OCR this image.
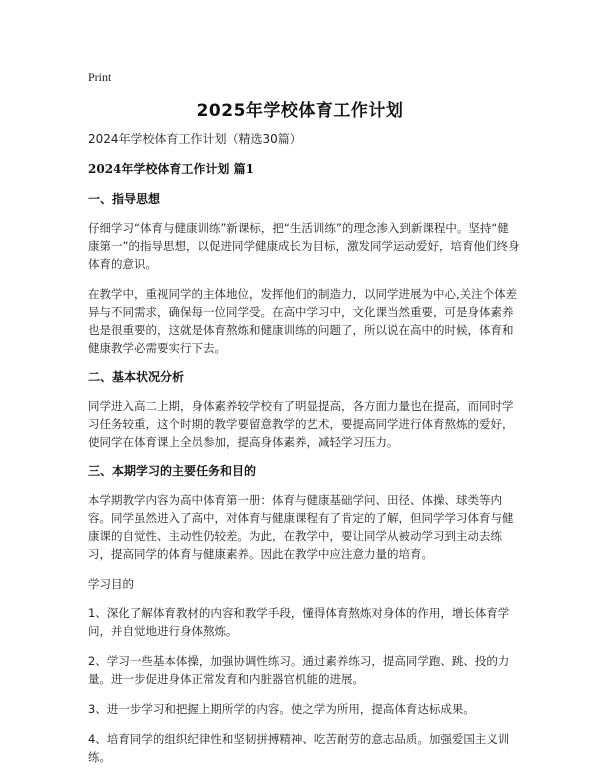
Print
2025年学校体育工作计划

2024年学校体育工作计划（精选30篇）

2024年学校体育工作计划 篇1

一、指导思想

仔细学习“体育与健康训练”新课标，把“生活训练”的理念渗入到新课程中。坚持“健康第一”的指导思想，以促进同学健康成长为目标，激发同学运动爱好，培育他们终身体育的意识。

在教学中，重视同学的主体地位，发挥他们的制造力，以同学进展为中心,关注个体差异与不同需求，确保每一位同学受。在高中学习中，文化课当然重要，可是身体素养也是很重要的，这就是体育熬炼和健康训练的问题了，所以说在高中的时候，体育和健康教学必需要实行下去。

二、基本状况分析

同学进入高二上期，身体素养较学校有了明显提高，各方面力量也在提高，而同时学习任务较重，这个时期的教学要留意教学的艺术，要提高同学进行体育熬炼的爱好，使同学在体育课上全员参加，提高身体素养，减轻学习压力。

三、本期学习的主要任务和目的

本学期教学内容为高中体育第一册：体育与健康基础学问、田径、体操、球类等内容。同学虽然进入了高中，对体育与健康课程有了肯定的了解，但同学学习体育与健康课的自觉性、主动性仍较差。为此，在教学中，要让同学从被动学习到主动去练习，提高同学的体育与健康素养。因此在教学中应注意力量的培育。

学习目的

1、深化了解体育教材的内容和教学手段，懂得体育熬炼对身体的作用，增长体育学问，并自觉地进行身体熬炼。

2、学习一些基本体操，加强协调性练习。通过素养练习，提高同学跑、跳、投的力量。进一步促进身体正常发育和内脏器官机能的进展。

3、进一步学习和把握上期所学的内容。使之学为所用，提高体育达标成果。

4、培育同学的组织纪律性和坚韧拼搏精神、吃苦耐劳的意志品质。加强爱国主义训练。
